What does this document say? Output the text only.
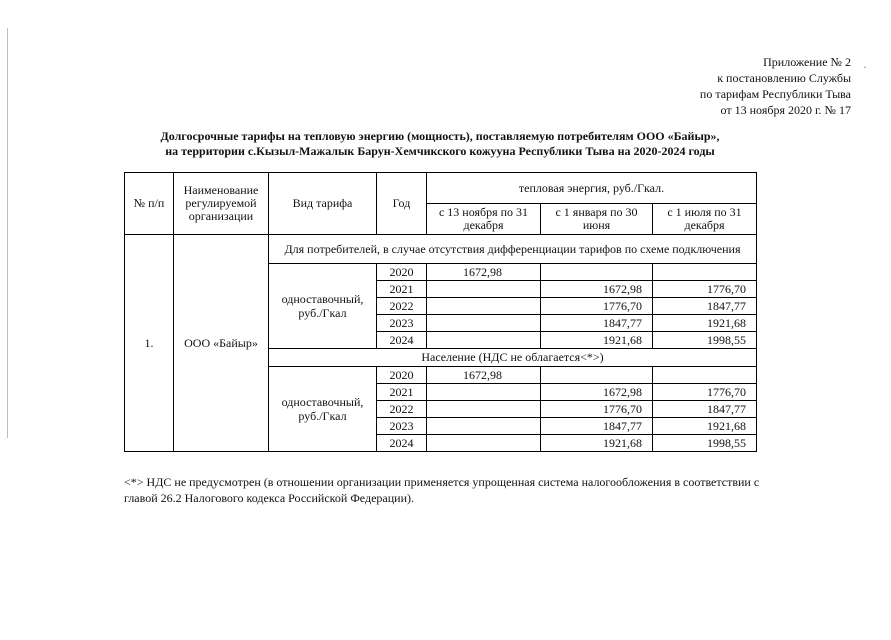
·
Приложение № 2
к постановлению Службы
по тарифам Республики Тыва
от 13 ноября 2020 г. № 17
Долгосрочные тарифы на тепловую энергию (мощность), поставляемую потребителям ООО «Байыр»,
на территории с.Кызыл-Мажалык Барун-Хемчикского кожууна Республики Тыва на 2020-2024 годы
№ п/п	Наименование регулируемой организации	Вид тарифа	Год	тепловая энергия, руб./Гкал.		
				с 13 ноября по 31 декабря	с 1 января по 30 июня	с 1 июля по 31 декабря
1.	ООО «Байыр»	Для потребителей, в случае отсутствия дифференциации тарифов по схеме подключения				
		одноставочный, руб./Гкал	2020	1672,98		
			2021		1672,98	1776,70
			2022		1776,70	1847,77
			2023		1847,77	1921,68
			2024		1921,68	1998,55
		Население (НДС не облагается<*>)				
		одноставочный, руб./Гкал	2020	1672,98		
			2021		1672,98	1776,70
			2022		1776,70	1847,77
			2023		1847,77	1921,68
			2024		1921,68	1998,55
<*> НДС не предусмотрен (в отношении организации применяется упрощенная система налогообложения в соответствии с главой 26.2 Налогового кодекса Российской Федерации).
